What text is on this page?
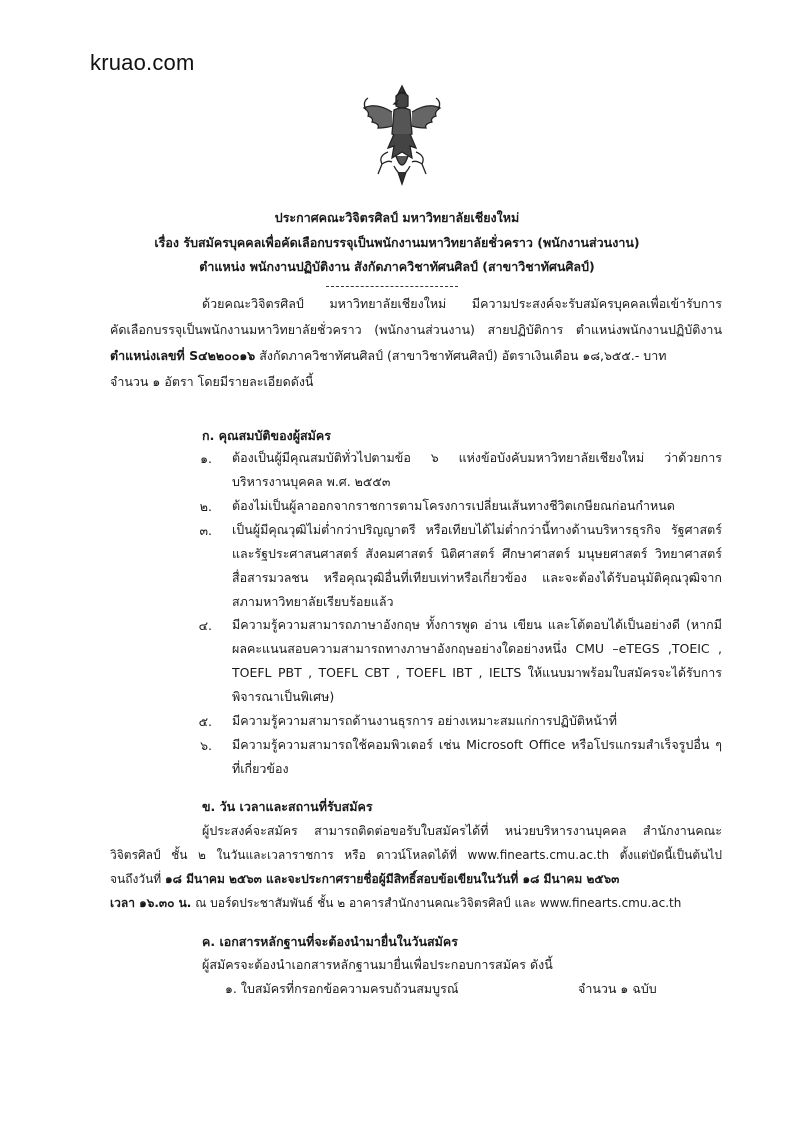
kruao.com
ประกาศคณะวิจิตรศิลป์ มหาวิทยาลัยเชียงใหม่
เรื่อง รับสมัครบุคคลเพื่อคัดเลือกบรรจุเป็นพนักงานมหาวิทยาลัยชั่วคราว (พนักงานส่วนงาน)
ตำแหน่ง พนักงานปฏิบัติงาน สังกัดภาควิชาทัศนศิลป์ (สาขาวิชาทัศนศิลป์)
ด้วยคณะวิจิตรศิลป์ มหาวิทยาลัยเชียงใหม่ มีความประสงค์จะรับสมัครบุคคลเพื่อเข้ารับการ
คัดเลือกบรรจุเป็นพนักงานมหาวิทยาลัยชั่วคราว (พนักงานส่วนงาน) สายปฏิบัติการ ตำแหน่งพนักงานปฏิบัติงาน
ตำแหน่งเลขที่ S๔๒๒๐๐๑๖ สังกัดภาควิชาทัศนศิลป์ (สาขาวิชาทัศนศิลป์) อัตราเงินเดือน ๑๘,๖๕๕.- บาท
จำนวน ๑ อัตรา โดยมีรายละเอียดดังนี้
ก. คุณสมบัติของผู้สมัคร
๑. ต้องเป็นผู้มีคุณสมบัติทั่วไปตามข้อ ๖ แห่งข้อบังคับมหาวิทยาลัยเชียงใหม่ ว่าด้วยการ
บริหารงานบุคคล พ.ศ. ๒๕๕๓
๒. ต้องไม่เป็นผู้ลาออกจากราชการตามโครงการเปลี่ยนเส้นทางชีวิตเกษียณก่อนกำหนด
๓. เป็นผู้มีคุณวุฒิไม่ต่ำกว่าปริญญาตรี หรือเทียบได้ไม่ต่ำกว่านี้ทางด้านบริหารธุรกิจ รัฐศาสตร์
และรัฐประศาสนศาสตร์ สังคมศาสตร์ นิติศาสตร์ ศึกษาศาสตร์ มนุษยศาสตร์ วิทยาศาสตร์
สื่อสารมวลชน หรือคุณวุฒิอื่นที่เทียบเท่าหรือเกี่ยวข้อง และจะต้องได้รับอนุมัติคุณวุฒิจาก
สภามหาวิทยาลัยเรียบร้อยแล้ว
๔. มีความรู้ความสามารถภาษาอังกฤษ ทั้งการพูด อ่าน เขียน และโต้ตอบได้เป็นอย่างดี (หากมี
ผลคะแนนสอบความสามารถทางภาษาอังกฤษอย่างใดอย่างหนึ่ง CMU –eTEGS ,TOEIC ,
TOEFL PBT , TOEFL CBT , TOEFL IBT , IELTS ให้แนบมาพร้อมใบสมัครจะได้รับการ
พิจารณาเป็นพิเศษ)
๕. มีความรู้ความสามารถด้านงานธุรการ อย่างเหมาะสมแก่การปฏิบัติหน้าที่
๖. มีความรู้ความสามารถใช้คอมพิวเตอร์ เช่น Microsoft Office หรือโปรแกรมสำเร็จรูปอื่น ๆ
ที่เกี่ยวข้อง
ข. วัน เวลาและสถานที่รับสมัคร
ผู้ประสงค์จะสมัคร สามารถติดต่อขอรับใบสมัครได้ที่ หน่วยบริหารงานบุคคล สำนักงานคณะ
วิจิตรศิลป์ ชั้น ๒ ในวันและเวลาราชการ หรือ ดาวน์โหลดได้ที่ www.finearts.cmu.ac.th ตั้งแต่บัดนี้เป็นต้นไป
จนถึงวันที่ ๑๘ มีนาคม ๒๕๖๓ และจะประกาศรายชื่อผู้มีสิทธิ์สอบข้อเขียนในวันที่ ๑๘ มีนาคม ๒๕๖๓
เวลา ๑๖.๓๐ น. ณ บอร์ดประชาสัมพันธ์ ชั้น ๒ อาคารสำนักงานคณะวิจิตรศิลป์ และ www.finearts.cmu.ac.th
ค. เอกสารหลักฐานที่จะต้องนำมายื่นในวันสมัคร
ผู้สมัครจะต้องนำเอกสารหลักฐานมายื่นเพื่อประกอบการสมัคร ดังนี้
๑. ใบสมัครที่กรอกข้อความครบถ้วนสมบูรณ์	จำนวน ๑ ฉบับ
